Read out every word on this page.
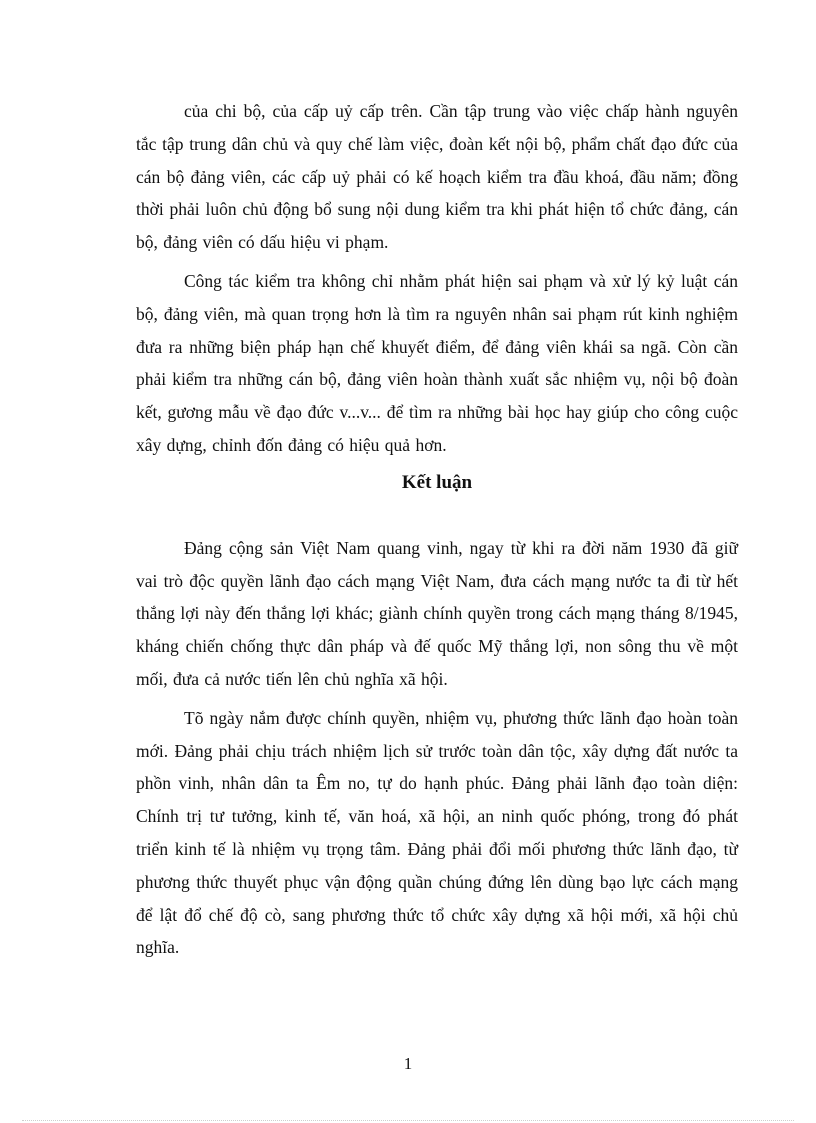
của chi bộ, của cấp uỷ cấp trên. Cần tập trung vào việc chấp hành nguyên tắc tập trung dân chủ và quy chế làm việc, đoàn kết nội bộ, phẩm chất đạo đức của cán bộ đảng viên, các cấp uỷ phải có kế hoạch kiểm tra đầu khoá, đầu năm; đồng thời phải luôn chủ động bổ sung nội dung kiểm tra khi phát hiện tổ chức đảng, cán bộ, đảng viên có dấu hiệu vi phạm.

Công tác kiểm tra không chỉ nhằm phát hiện sai phạm và xử lý kỷ luật cán bộ, đảng viên, mà quan trọng hơn là tìm ra nguyên nhân sai phạm rút kinh nghiệm đưa ra những biện pháp hạn chế khuyết điểm, để đảng viên khái sa ngã. Còn cần phải kiểm tra những cán bộ, đảng viên hoàn thành xuất sắc nhiệm vụ, nội bộ đoàn kết, gương mẫu về đạo đức v...v... để tìm ra những bài học hay giúp cho công cuộc xây dựng, chỉnh đốn đảng có hiệu quả hơn.

Kết luận

Đảng cộng sản Việt Nam quang vinh, ngay từ khi ra đời năm 1930 đã giữ vai trò độc quyền lãnh đạo cách mạng Việt Nam, đưa cách mạng nước ta đi từ hết thắng lợi này đến thắng lợi khác; giành chính quyền trong cách mạng tháng 8/1945, kháng chiến chống thực dân pháp và đế quốc Mỹ thắng lợi, non sông thu về một mối, đưa cả nước tiến lên chủ nghĩa xã hội.

Tõ ngày nắm được chính quyền, nhiệm vụ, phương thức lãnh đạo hoàn toàn mới. Đảng phải chịu trách nhiệm lịch sử trước toàn dân tộc, xây dựng đất nước ta phồn vinh, nhân dân ta Êm no, tự do hạnh phúc. Đảng phải lãnh đạo toàn diện: Chính trị tư tưởng, kinh tế, văn hoá, xã hội, an ninh quốc phóng, trong đó phát triển kinh tế là nhiệm vụ trọng tâm. Đảng phải đổi mối phương thức lãnh đạo, từ phương thức thuyết phục vận động quần chúng đứng lên dùng bạo lực cách mạng để lật đổ chế độ cò, sang phương thức tổ chức xây dựng xã hội mới, xã hội chủ nghĩa.

1
